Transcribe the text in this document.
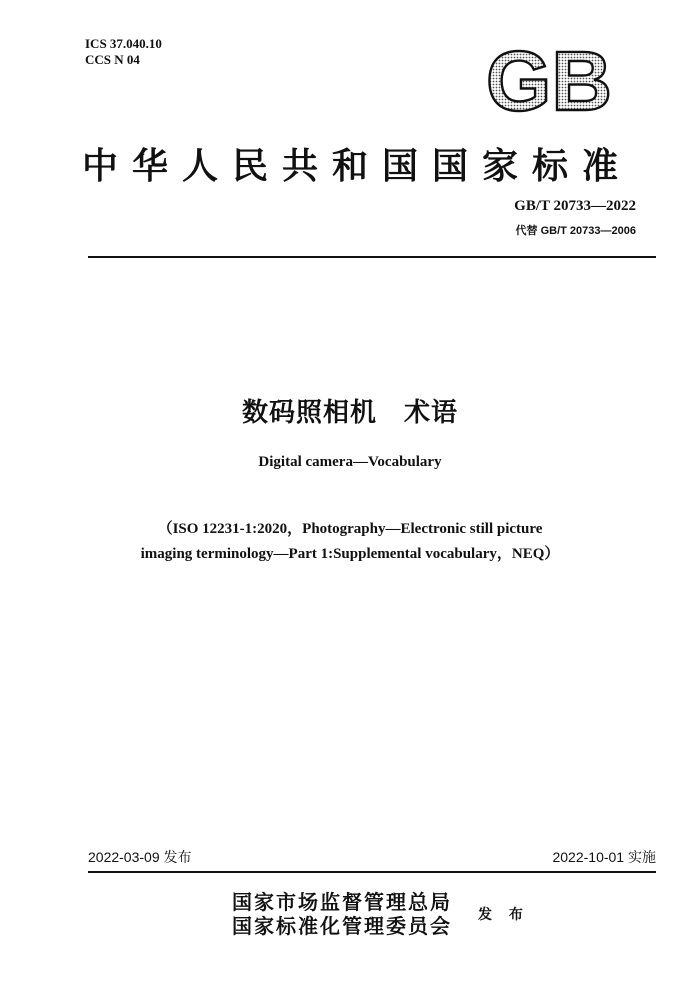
ICS 37.040.10
CCS N 04	GB
中华人民共和国国家标准
GB/T 20733—2022
代替 GB/T 20733—2006
数码照相机　术语
Digital camera—Vocabulary
（ISO 12231-1:2020，Photography—Electronic still picture
imaging terminology—Part 1:Supplemental vocabulary，NEQ）
2022-03-09 发布	2022-10-01 实施
国家市场监督管理总局
国家标准化管理委员会 发 布
